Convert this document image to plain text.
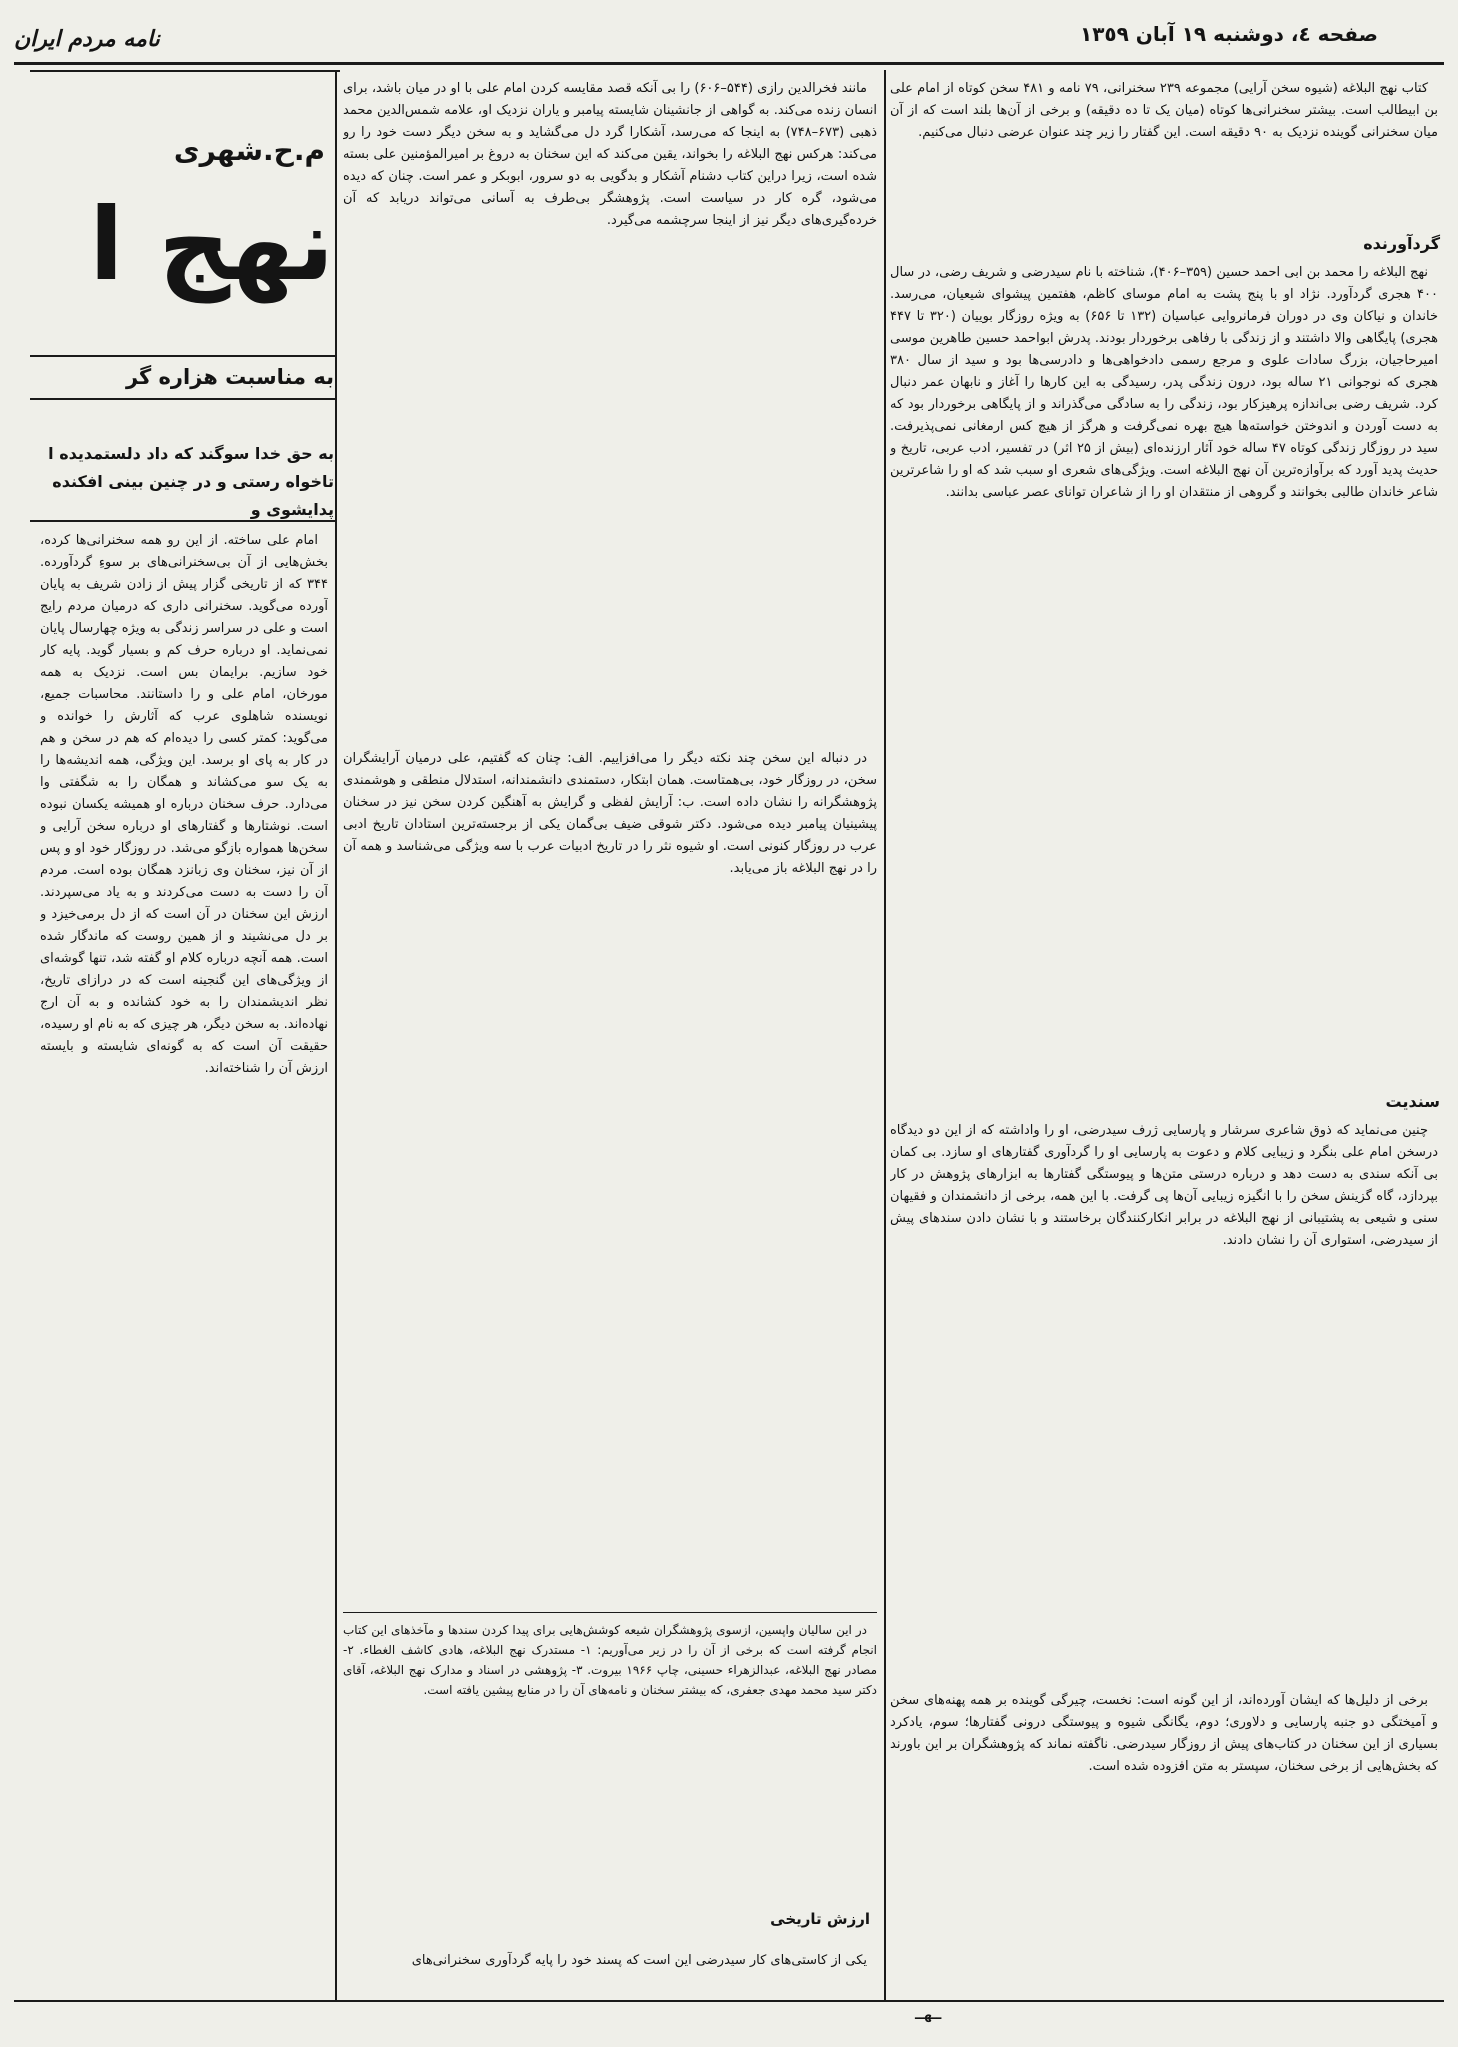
نامه مردم ایران	صفحه ٤، دوشنبه ١٩ آبان ١٣٥٩
م.ح.شهری
نهج ا
به مناسبت هزاره گر
به حق خدا سوگند که داد دلستمدیده ا تاخواه رستی و در چنین بینی افکنده پدایشوی و

امام علی ساخته. از این رو همه سخنرانی‌ها کرده، بخش‌هایی از آن بی‌سخنرانی‌های بر سوءِ گردآورده. ۳۴۴ که از تاریخی گزار پیش از زادن شریف به پایان آورده می‌گوید. سخنرانی داری که درمیان مردم رایج است و علی در سراسر زندگی به ویژه چهارسال پایان نمی‌نماید. او درباره حرف کم و بسیار گوید. پایه کار خود سازیم. برایمان بس است. نزدیک به همه مورخان، امام علی و را داستانند. محاسبات جمیع، نویسنده شاهلوی عرب که آثارش را خوانده و می‌گوید: کمتر کسی را دیده‌ام که هم در سخن و هم در کار به پای او برسد. این ویژگی، همه اندیشه‌ها را به یک سو می‌کشاند و همگان را به شگفتی وا می‌دارد. حرف سخنان درباره او همیشه یکسان نبوده است. نوشتارها و گفتارهای او درباره سخن آرایی و سخن‌ها همواره بازگو می‌شد. در روزگار خود او و پس از آن نیز، سخنان وی زبانزد همگان بوده است. مردم آن را دست به دست می‌کردند و به یاد می‌سپردند. ارزش این سخنان در آن است که از دل برمی‌خیزد و بر دل می‌نشیند و از همین روست که ماندگار شده است. همه آنچه درباره کلام او گفته شد، تنها گوشه‌ای از ویژگی‌های این گنجینه است که در درازای تاریخ، نظر اندیشمندان را به خود کشانده و به آن ارج نهاده‌اند. به سخن دیگر، هر چیزی که به نام او رسیده، حقیقت آن است که به گونه‌ای شایسته و بایسته ارزش آن را شناخته‌اند.

کتاب نهج البلاغه (شیوه سخن آرایی) مجموعه ۲۳۹ سخنرانی، ۷۹ نامه و ۴۸۱ سخن کوتاه از امام علی بن ابیطالب است. بیشتر سخنرانی‌ها کوتاه (میان یک تا ده دقیقه) و برخی از آن‌ها بلند است که از آن میان سخنرانی گوینده نزدیک به ۹۰ دقیقه است. این گفتار را زیر چند عنوان عرضی دنبال می‌کنیم.

گردآورنده

نهج البلاغه را محمد بن ابی احمد حسین (۳۵۹–۴۰۶)، شناخته با نام سیدرضی و شریف رضی، در سال ۴۰۰ هجری گردآورد. نژاد او با پنج پشت به امام موسای کاظم، هفتمین پیشوای شیعیان، می‌رسد. خاندان و نیاکان وی در دوران فرمانروایی عباسیان (۱۳۲ تا ۶۵۶) به ویژه روزگار بوییان (۳۲۰ تا ۴۴۷ هجری) پایگاهی والا داشتند و از زندگی با رفاهی برخوردار بودند. پدرش ابواحمد حسین طاهرین موسی امیرحاجیان، بزرگ سادات علوی و مرجع رسمی دادخواهی‌ها و دادرسی‌ها بود و سید از سال ۳۸۰ هجری که نوجوانی ۲۱ ساله بود، درون زندگی پدر، رسیدگی به این کارها را آغاز و نابهان عمر دنبال کرد. شریف رضی بی‌اندازه پرهیزکار بود، زندگی را به سادگی می‌گذراند و از پایگاهی برخوردار بود که به دست آوردن و اندوختن خواسته‌ها هیچ بهره نمی‌گرفت و هرگز از هیچ کس ارمغانی نمی‌پذیرفت. سید در روزگار زندگی کوتاه ۴۷ ساله خود آثار ارزنده‌ای (بیش از ۲۵ اثر) در تفسیر، ادب عربی، تاریخ و حدیث پدید آورد که برآوازه‌ترین آن نهج البلاغه است. ویژگی‌های شعری او سبب شد که او را شاعرترین شاعر خاندان طالبی بخوانند و گروهی از منتقدان او را از شاعران توانای عصر عباسی بدانند.

سندیت

چنین می‌نماید که ذوق شاعری سرشار و پارسایی ژرف سیدرضی، او را واداشته که از این دو دیدگاه درسخن امام علی بنگرد و زیبایی کلام و دعوت به پارسایی او را گردآوری گفتارهای او سازد. بی کمان بی آنکه سندی به دست دهد و درباره درستی متن‌ها و پیوستگی گفتارها به ابزارهای پژوهش در کار بپردازد، گاه گزینش سخن را با انگیزه زیبایی آن‌ها پی گرفت. با این همه، برخی از دانشمندان و فقیهان سنی و شیعی به پشتیبانی از نهج البلاغه در برابر انکارکنندگان برخاستند و با نشان دادن سندهای پیش از سیدرضی، استواری آن را نشان دادند.

برخی از دلیل‌ها که ایشان آورده‌اند، از این گونه است: نخست، چیرگی گوینده بر همه پهنه‌های سخن و آمیختگی دو جنبه پارسایی و دلاوری؛ دوم، یگانگی شیوه و پیوستگی درونی گفتارها؛ سوم، یادکرد بسیاری از این سخنان در کتاب‌های پیش از روزگار سیدرضی. ناگفته نماند که پژوهشگران بر این باورند که بخش‌هایی از برخی سخنان، سپستر به متن افزوده شده است.

مانند فخرالدین رازی (۵۴۴–۶۰۶) را بی آنکه قصد مقایسه کردن امام علی با او در میان باشد، برای انسان زنده می‌کند. به گواهی از جانشینان شایسته پیامبر و یاران نزدیک او، علامه شمس‌الدین محمد ذهبی (۶۷۳–۷۴۸) به اینجا که می‌رسد، آشکارا گرد دل می‌گشاید و به سخن دیگر دست خود را رو می‌کند: هرکس نهج البلاغه را بخواند، یقین می‌کند که این سخنان به دروغ بر امیرالمؤمنین علی بسته شده است، زیرا دراین کتاب دشنام آشکار و بدگویی به دو سرور، ابوبکر و عمر است. چنان که دیده می‌شود، گره کار در سیاست است. پژوهشگر بی‌طرف به آسانی می‌تواند دریابد که آن خرده‌گیری‌های دیگر نیز از اینجا سرچشمه می‌گیرد.

در دنباله این سخن چند نکته دیگر را می‌افزاییم. الف: چنان که گفتیم، علی درمیان آرایشگران سخن، در روزگار خود، بی‌همتاست. همان ابتکار، دستمندی دانشمندانه، استدلال منطقی و هوشمندی پژوهشگرانه را نشان داده است. ب: آرایش لفظی و گرایش به آهنگین کردن سخن نیز در سخنان پیشینیان پیامبر دیده می‌شود. دکتر شوقی ضیف بی‌گمان یکی از برجسته‌ترین استادان تاریخ ادبی عرب در روزگار کنونی است. او شیوه نثر را در تاریخ ادبیات عرب با سه ویژگی می‌شناسد و همه آن را در نهج البلاغه باز می‌یابد.

در این سالیان واپسین، ازسوی پژوهشگران شیعه کوشش‌هایی برای پیدا کردن سندها و مآخذهای این کتاب انجام گرفته است که برخی از آن را در زیر می‌آوریم: ۱- مستدرک نهج البلاغه، هادی کاشف الغطاء. ۲- مصادر نهج البلاغه، عبدالزهراء حسینی، چاپ ۱۹۶۶ بیروت. ۳- پژوهشی در اسناد و مدارک نهج البلاغه، آقای دکتر سید محمد مهدی جعفری، که بیشتر سخنان و نامه‌های آن را در منابع پیشین یافته است.

ارزش تاریخی

یکی از کاستی‌های کار سیدرضی این است که پسند خود را پایه گردآوری سخنرانی‌های

ــهــ
